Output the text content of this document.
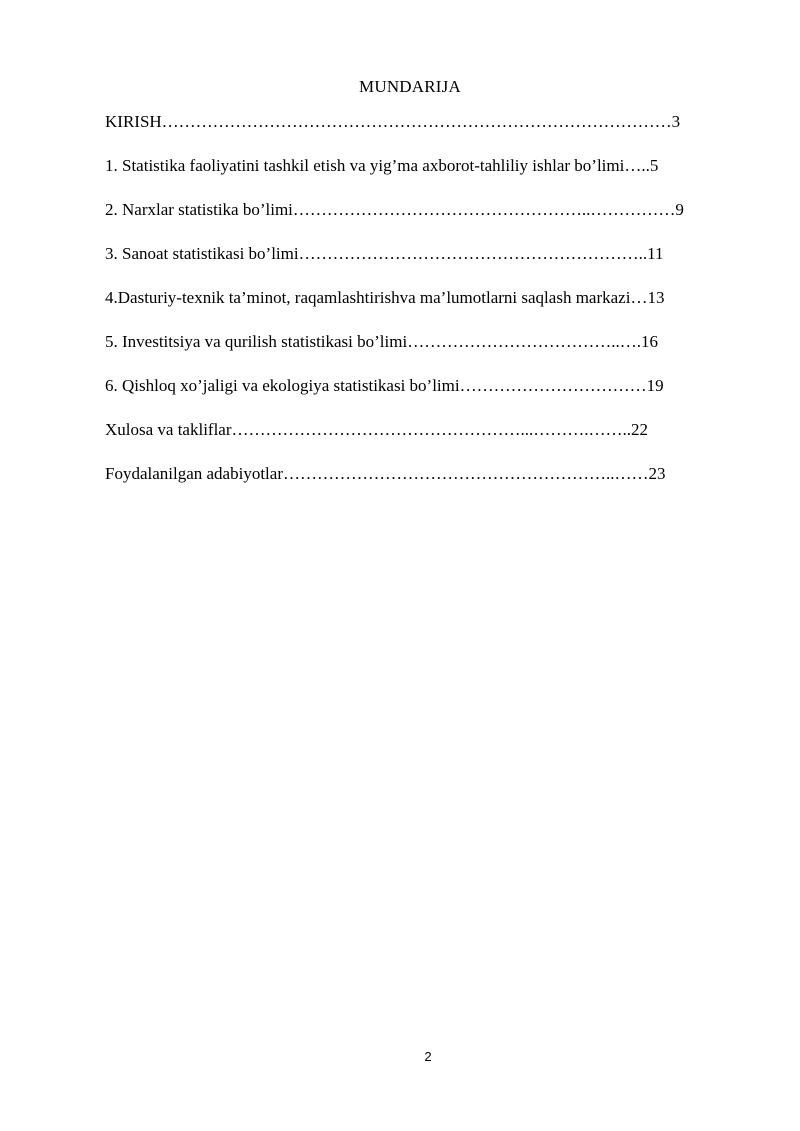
MUNDARIJA
KIRISH………………………………………………………………………………3
1. Statistika faoliyatini tashkil etish va yig’ma axborot-tahliliy ishlar bo’limi…..5
2. Narxlar statistika bo’limi……………………………………………..……………9
3. Sanoat statistikasi bo’limi……………………………………………………..11
4.Dasturiy-texnik ta’minot, raqamlashtirishva ma’lumotlarni saqlash markazi…13
5. Investitsiya va qurilish statistikasi bo’limi………………………………..….16
6. Qishloq xo’jaligi va ekologiya statistikasi bo’limi……………………………19
Xulosa va takliflar……………………………………………...……….……..22
Foydalanilgan adabiyotlar…………………………………………………..……23
2
